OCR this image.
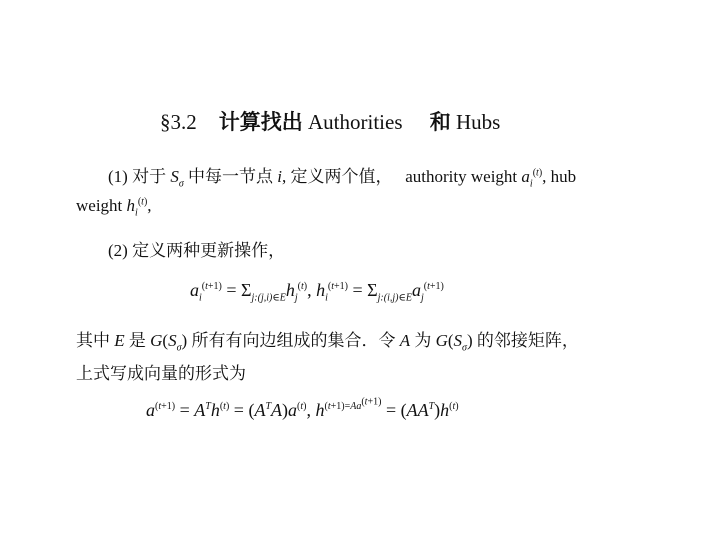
§3.2 计算找出 Authorities 和 Hubs
(1) 对于 $S_\sigma$ 中每一节点 i, 定义两个值， authority weight $a_i^{(t)}$, hub
weight $h_i^{(t)}$,
(2) 定义两种更新操作，
$a_i^{(t+1)} = \Sigma_{j:(j,i)\in E}h_j^{(t)}$, $h_i^{(t+1)} = \Sigma_{j:(i,j)\in E}a_j^{(t+1)}$
其中 E 是 $G(S_\sigma)$ 所有有向边组成的集合．令 A 为 $G(S_\sigma)$ 的邻接矩阵，
上式写成向量的形式为
$a^{(t+1)} = A^Th^{(t)} = (A^TA)a^{(t)}$, $h^{(t+1)=Aa^{(t+1)}} = (AA^T)h^{(t)}$
